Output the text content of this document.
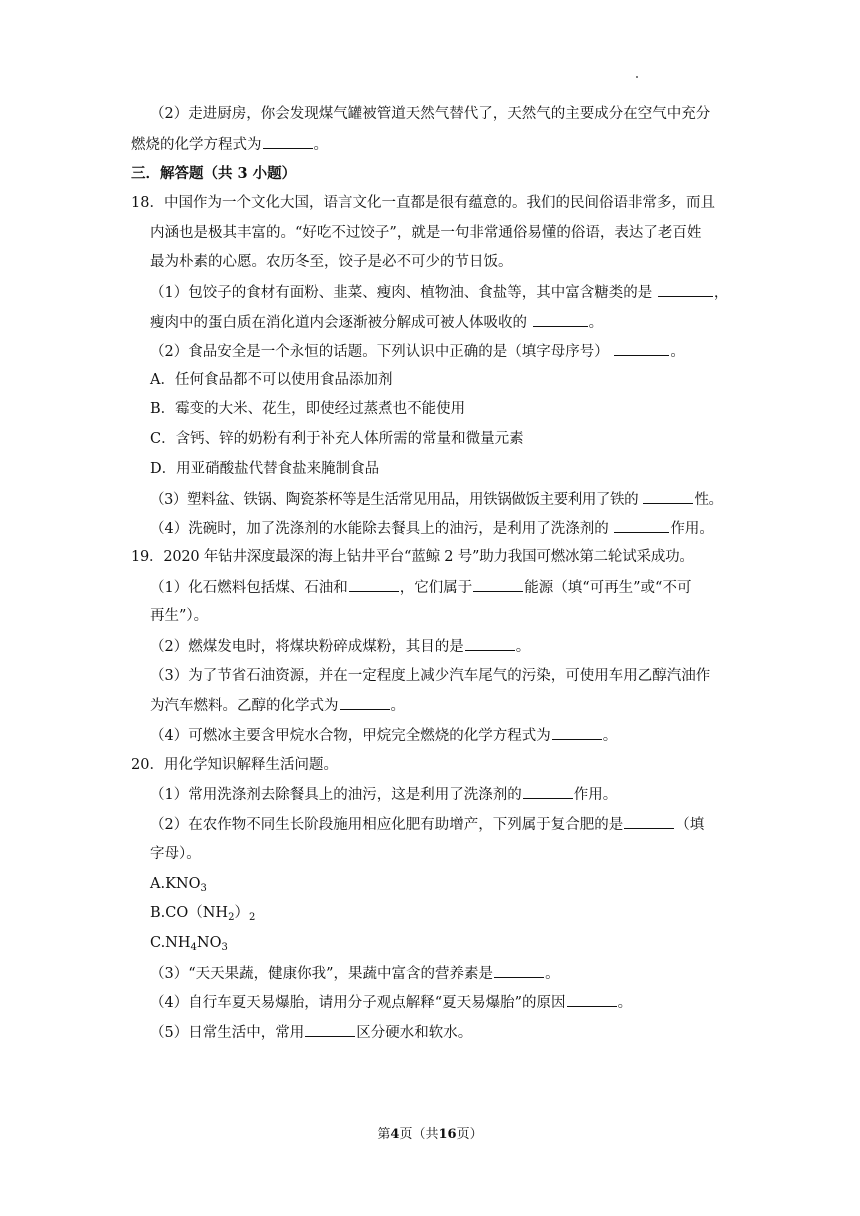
（2）走进厨房，你会发现煤气罐被管道天然气替代了，天然气的主要成分在空气中充分
燃烧的化学方程式为	。
三．解答题（共 3 小题）
18．中国作为一个文化大国，语言文化一直都是很有蕴意的。我们的民间俗语非常多，而且
内涵也是极其丰富的。“好吃不过饺子”，就是一句非常通俗易懂的俗语，表达了老百姓
最为朴素的心愿。农历冬至，饺子是必不可少的节日饭。
（1）包饺子的食材有面粉、韭菜、瘦肉、植物油、食盐等，其中富含糖类的是	，
瘦肉中的蛋白质在消化道内会逐渐被分解成可被人体吸收的	。
（2）食品安全是一个永恒的话题。下列认识中正确的是（填字母序号）	。
A．任何食品都不可以使用食品添加剂
B．霉变的大米、花生，即使经过蒸煮也不能使用
C．含钙、锌的奶粉有利于补充人体所需的常量和微量元素
D．用亚硝酸盐代替食盐来腌制食品
（3）塑料盆、铁锅、陶瓷茶杯等是生活常见用品，用铁锅做饭主要利用了铁的	性。
（4）洗碗时，加了洗涤剂的水能除去餐具上的油污，是利用了洗涤剂的	作用。
19．2020 年钻井深度最深的海上钻井平台“蓝鲸 2 号”助力我国可燃冰第二轮试采成功。
（1）化石燃料包括煤、石油和	，它们属于	能源（填“可再生”或“不可
再生”）。
（2）燃煤发电时，将煤块粉碎成煤粉，其目的是	。
（3）为了节省石油资源，并在一定程度上减少汽车尾气的污染，可使用车用乙醇汽油作
为汽车燃料。乙醇的化学式为	。
（4）可燃冰主要含甲烷水合物，甲烷完全燃烧的化学方程式为	。
20．用化学知识解释生活问题。
（1）常用洗涤剂去除餐具上的油污，这是利用了洗涤剂的	作用。
（2）在农作物不同生长阶段施用相应化肥有助增产，下列属于复合肥的是	（填
字母）。
$A.KNO_3$
$B.CO(NH_2)_2$
$C.NH_4NO_3$
（3）“天天果蔬，健康你我”，果蔬中富含的营养素是	。
（4）自行车夏天易爆胎，请用分子观点解释“夏天易爆胎”的原因	。
（5）日常生活中，常用	区分硬水和软水。
第4页（共16页）
